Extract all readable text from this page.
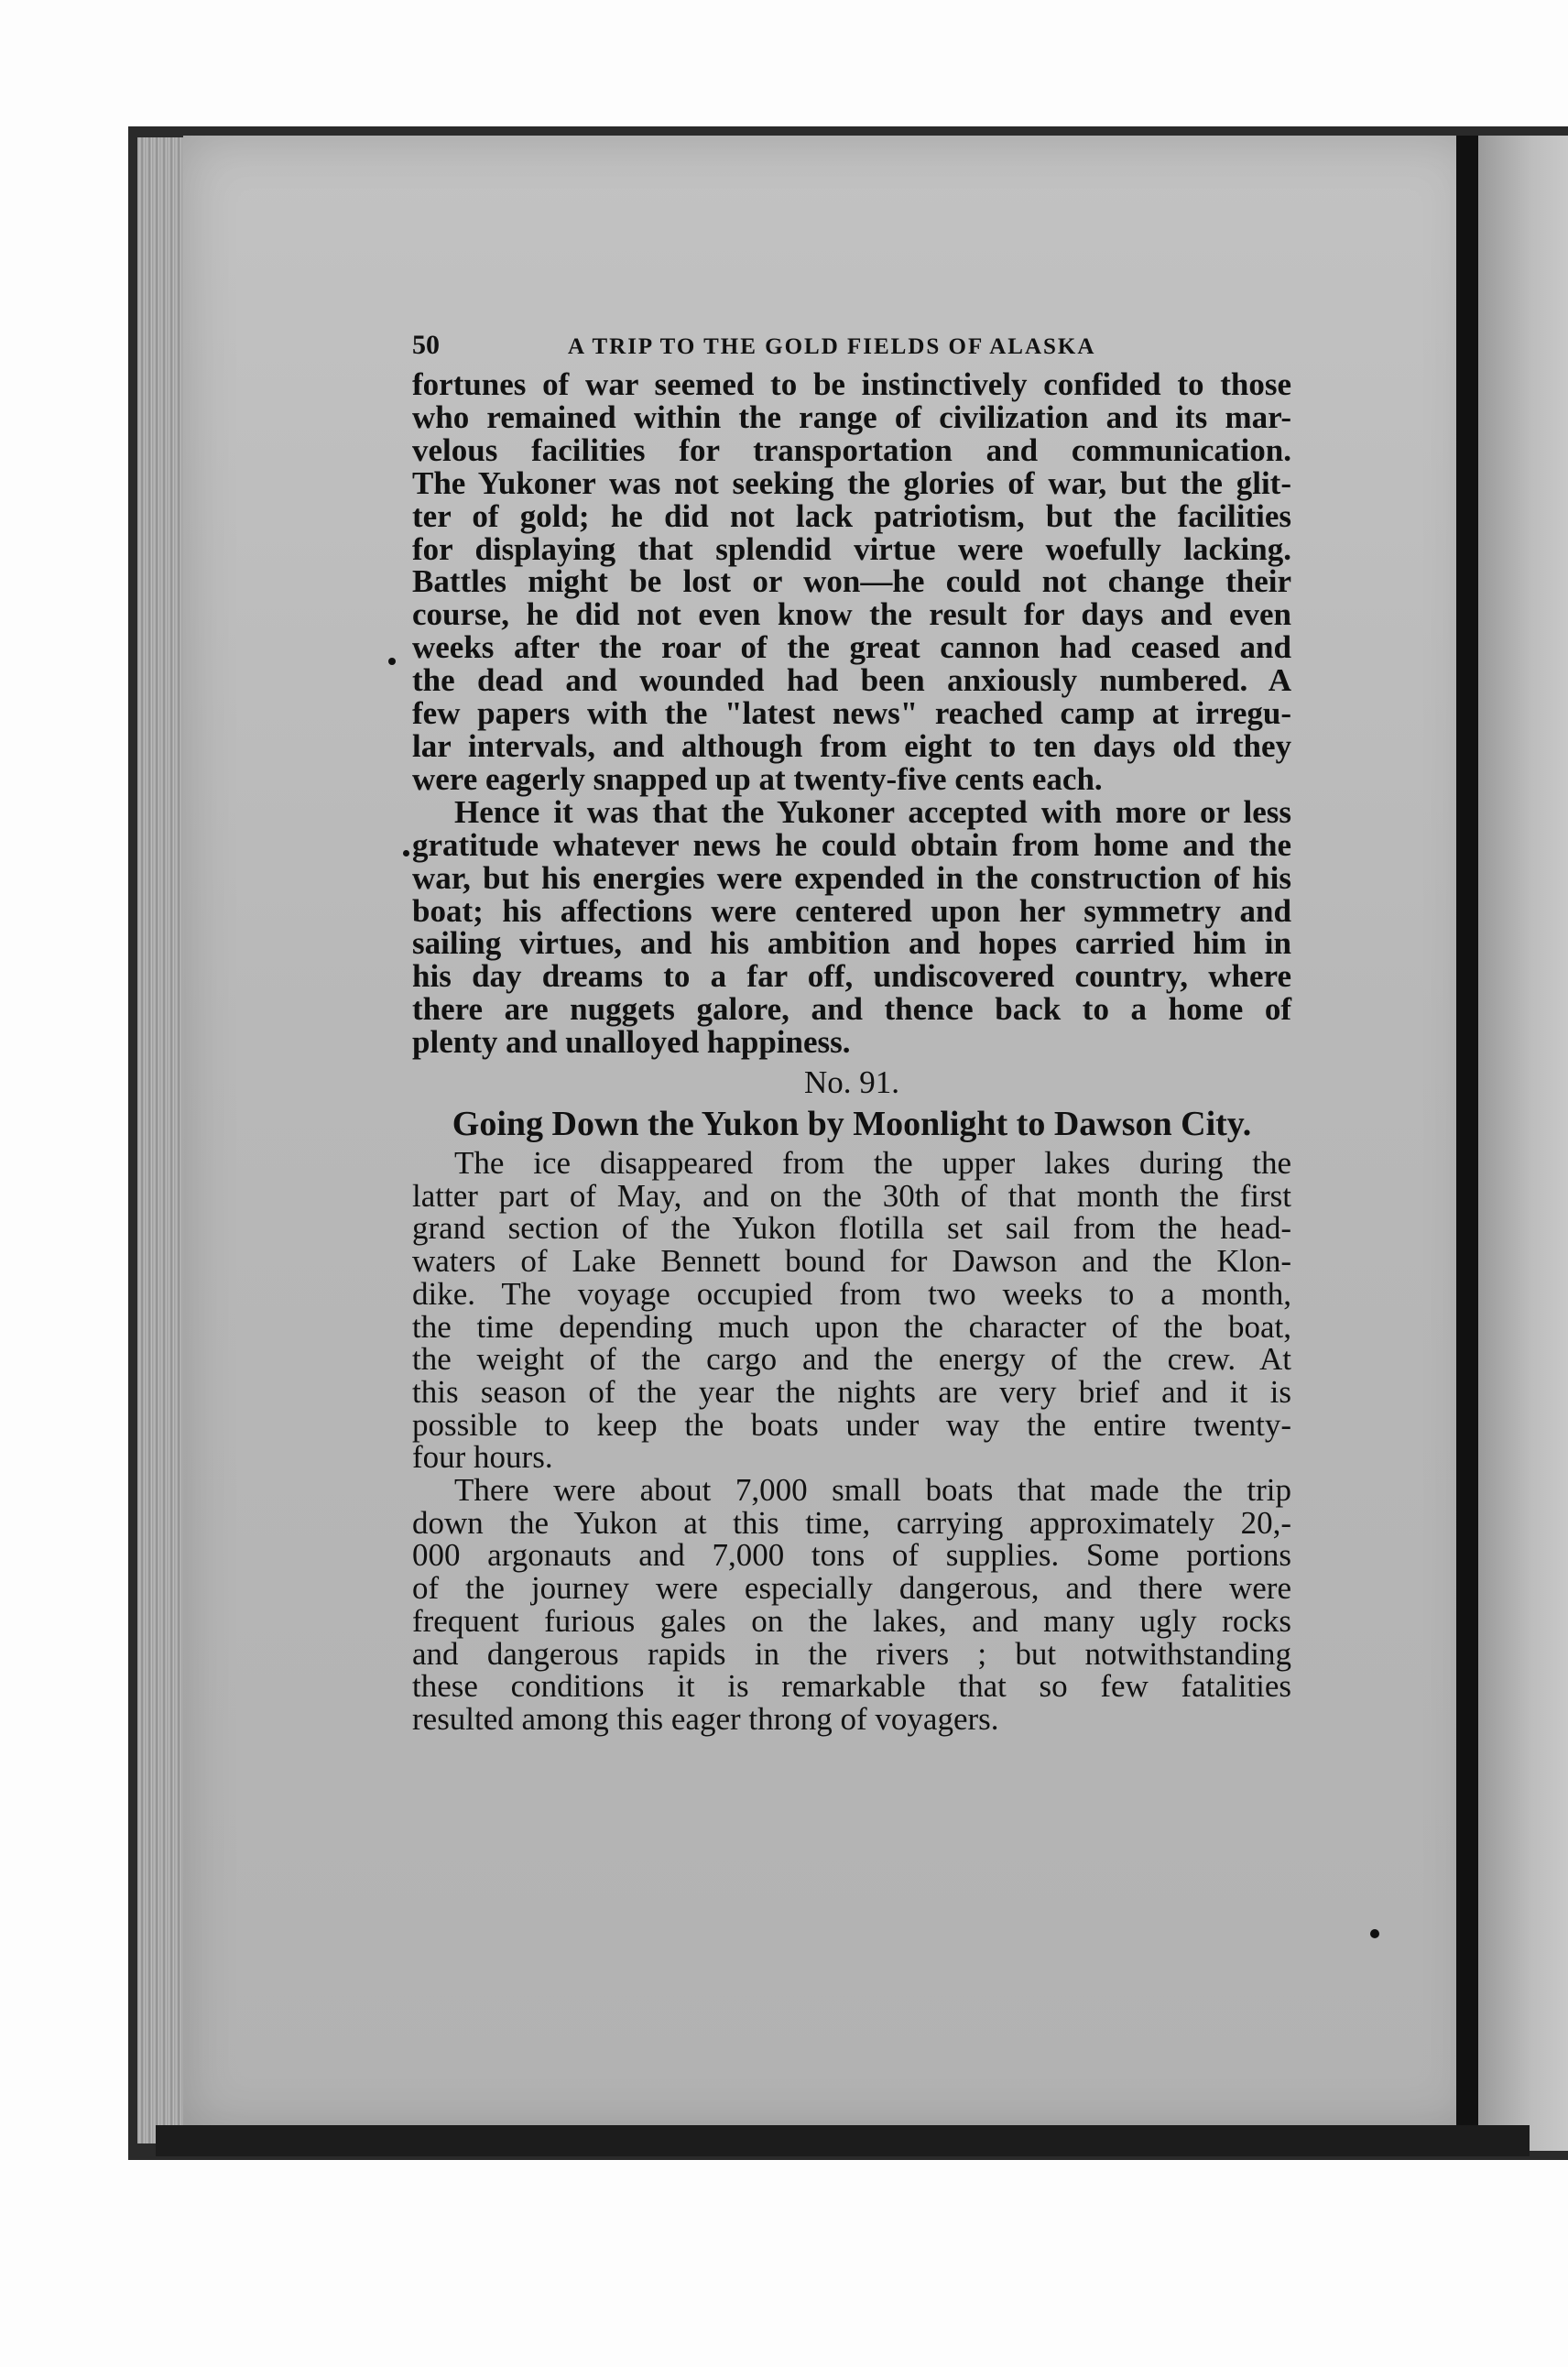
50	A TRIP TO THE GOLD FIELDS OF ALASKA
fortunes of war seemed to be instinctively confided to those
who remained within the range of civilization and its mar-
velous facilities for transportation and communication.
The Yukoner was not seeking the glories of war, but the glit-
ter of gold; he did not lack patriotism, but the facilities
for displaying that splendid virtue were woefully lacking.
Battles might be lost or won—he could not change their
course, he did not even know the result for days and even
weeks after the roar of the great cannon had ceased and
the dead and wounded had been anxiously numbered. A
few papers with the "latest news" reached camp at irregu-
lar intervals, and although from eight to ten days old they
were eagerly snapped up at twenty-five cents each.
Hence it was that the Yukoner accepted with more or less
gratitude whatever news he could obtain from home and the
war, but his energies were expended in the construction of his
boat; his affections were centered upon her symmetry and
sailing virtues, and his ambition and hopes carried him in
his day dreams to a far off, undiscovered country, where
there are nuggets galore, and thence back to a home of
plenty and unalloyed happiness.
No. 91.
Going Down the Yukon by Moonlight to Dawson City.
The ice disappeared from the upper lakes during the
latter part of May, and on the 30th of that month the first
grand section of the Yukon flotilla set sail from the head-
waters of Lake Bennett bound for Dawson and the Klon-
dike. The voyage occupied from two weeks to a month,
the time depending much upon the character of the boat,
the weight of the cargo and the energy of the crew. At
this season of the year the nights are very brief and it is
possible to keep the boats under way the entire twenty-
four hours.
There were about 7,000 small boats that made the trip
down the Yukon at this time, carrying approximately 20,-
000 argonauts and 7,000 tons of supplies. Some portions
of the journey were especially dangerous, and there were
frequent furious gales on the lakes, and many ugly rocks
and dangerous rapids in the rivers ; but notwithstanding
these conditions it is remarkable that so few fatalities
resulted among this eager throng of voyagers.
